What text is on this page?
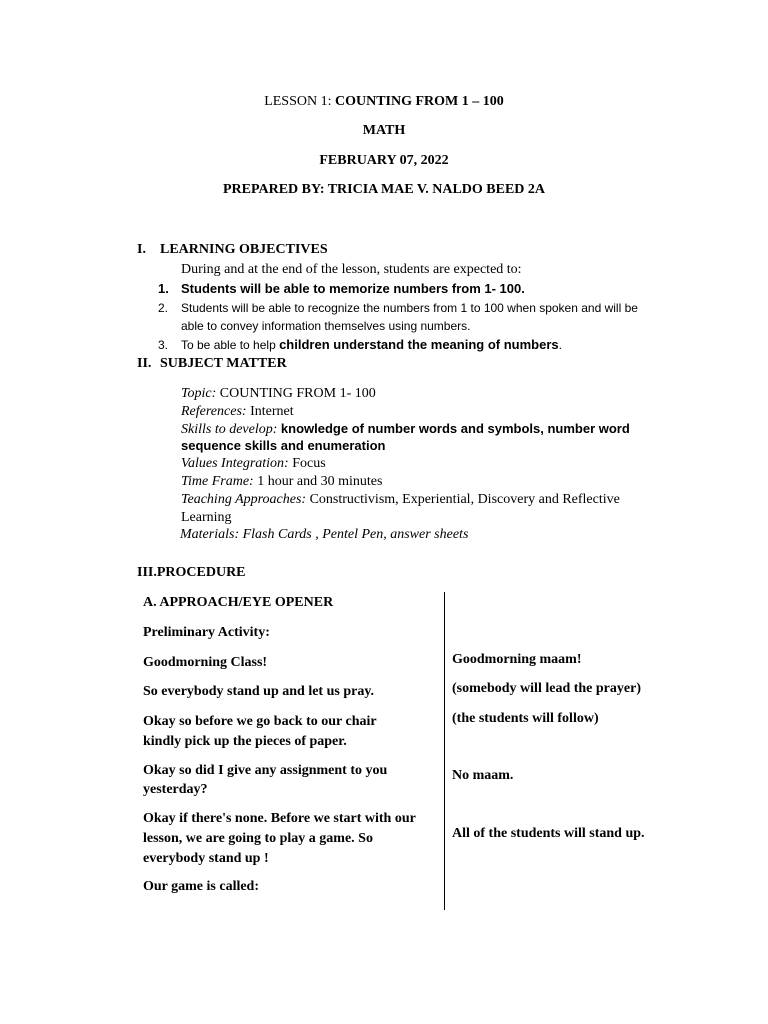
LESSON 1: COUNTING FROM 1 – 100
MATH
FEBRUARY 07, 2022
PREPARED BY: TRICIA MAE V. NALDO BEED 2A
I. LEARNING OBJECTIVES
During and at the end of the lesson, students are expected to:
1. Students will be able to memorize numbers from 1- 100.
2. Students will be able to recognize the numbers from 1 to 100 when spoken and will be
able to convey information themselves using numbers.
3. To be able to help children understand the meaning of numbers.
II. SUBJECT MATTER
Topic: COUNTING FROM 1- 100
References: Internet
Skills to develop: knowledge of number words and symbols, number word
sequence skills and enumeration
Values Integration: Focus
Time Frame: 1 hour and 30 minutes
Teaching Approaches: Constructivism, Experiential, Discovery and Reflective
Learning
Materials: Flash Cards , Pentel Pen, answer sheets
III.PROCEDURE
A. APPROACH/EYE OPENER
Preliminary Activity:
Goodmorning Class!
So everybody stand up and let us pray.
Okay so before we go back to our chair
kindly pick up the pieces of paper.
Okay so did I give any assignment to you
yesterday?
Okay if there's none. Before we start with our
lesson, we are going to play a game. So
everybody stand up !
Our game is called:
Goodmorning maam!
(somebody will lead the prayer)
(the students will follow)
No maam.
All of the students will stand up.
